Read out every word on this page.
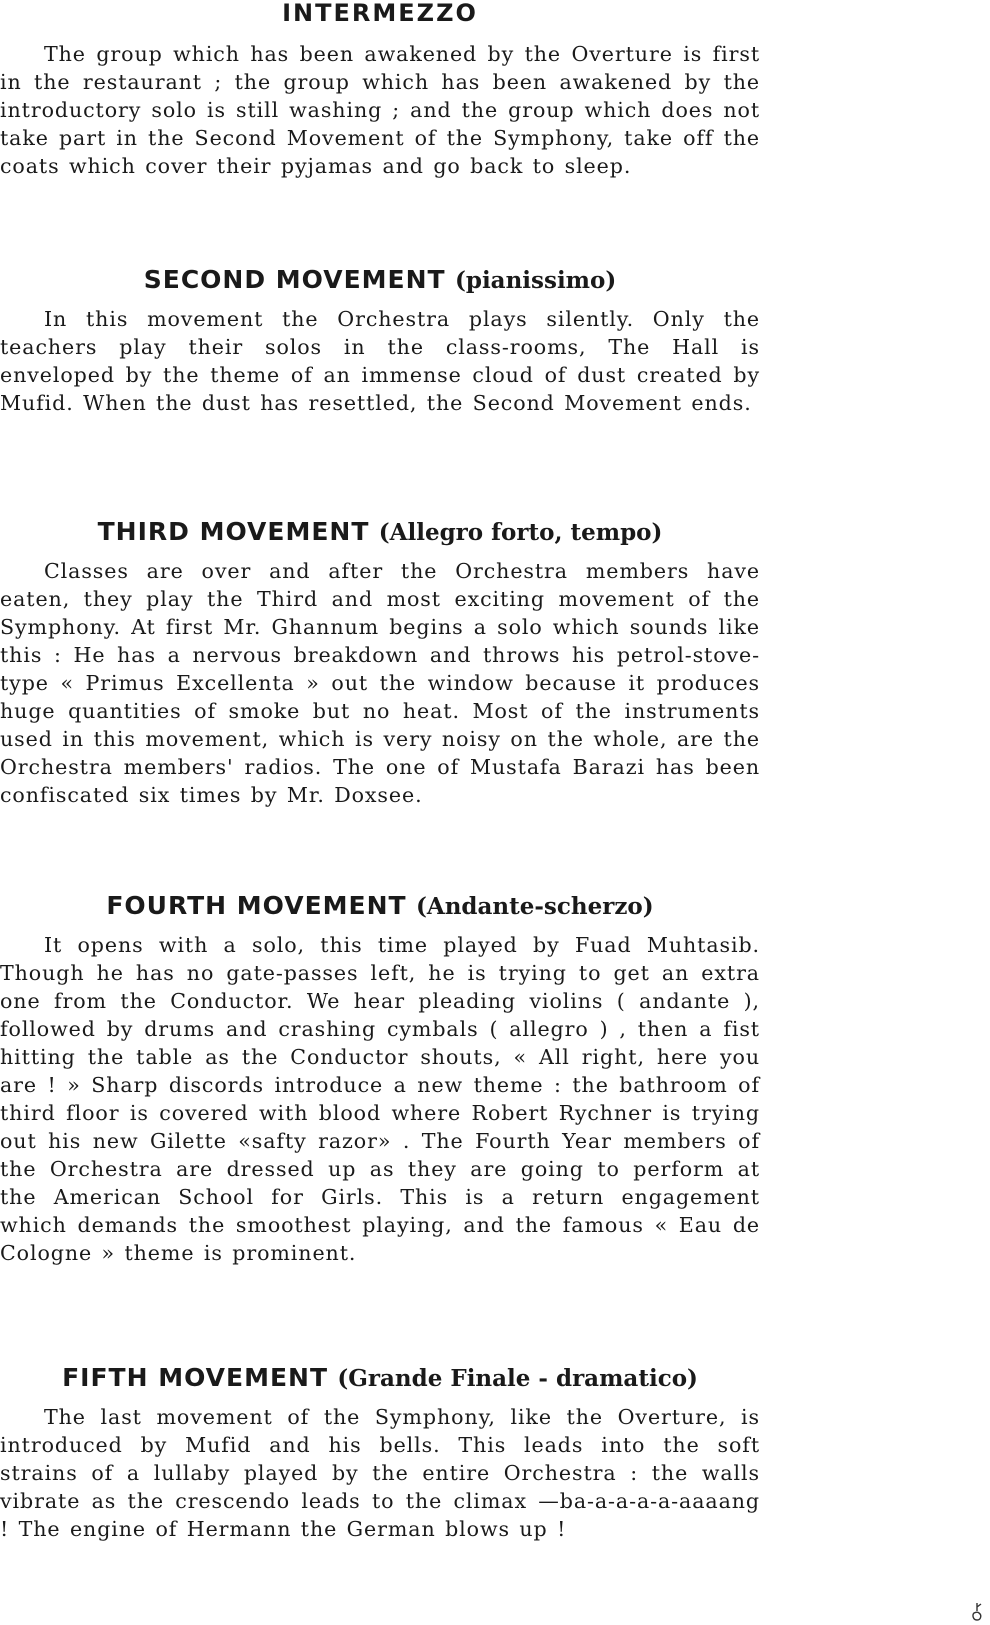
INTERMEZZO

The group which has been awakened by the Overture is first in the restaurant ; the group which has been awakened by the introductory solo is still washing ; and the group which does not take part in the Second Movement of the Symphony, take off the coats which cover their pyjamas and go back to sleep.

SECOND MOVEMENT (pianissimo)

In this movement the Orchestra plays silently. Only the teachers play their solos in the class-rooms, The Hall is enveloped by the theme of an immense cloud of dust created by Mufid. When the dust has resettled, the Second Movement ends.

THIRD MOVEMENT (Allegro forto, tempo)

Classes are over and after the Orchestra members have eaten, they play the Third and most exciting movement of the Symphony. At first Mr. Ghannum begins a solo which sounds like this : He has a nervous breakdown and throws his petrol-stove-type « Primus Excellenta » out the window because it produces huge quantities of smoke but no heat. Most of the instruments used in this movement, which is very noisy on the whole, are the Orchestra members' radios. The one of Mustafa Barazi has been confiscated six times by Mr. Doxsee.

FOURTH MOVEMENT (Andante-scherzo)

It opens with a solo, this time played by Fuad Muhtasib. Though he has no gate-passes left, he is trying to get an extra one from the Conductor. We hear pleading violins ( andante ), followed by drums and crashing cymbals ( allegro ) , then a fist hitting the table as the Conductor shouts, « All right, here you are ! » Sharp discords introduce a new theme : the bathroom of third floor is covered with blood where Robert Rychner is trying out his new Gilette «safty razor» . The Fourth Year members of the Orchestra are dressed up as they are going to perform at the American School for Girls. This is a return engagement which demands the smoothest playing, and the famous « Eau de Cologne » theme is prominent.

FIFTH MOVEMENT (Grande Finale - dramatico)

The last movement of the Symphony, like the Overture, is introduced by Mufid and his bells. This leads into the soft strains of a lullaby played by the entire Orchestra : the walls vibrate as the crescendo leads to the climax —ba-a-a-a-a-aaaang ! The engine of Hermann the German blows up !
